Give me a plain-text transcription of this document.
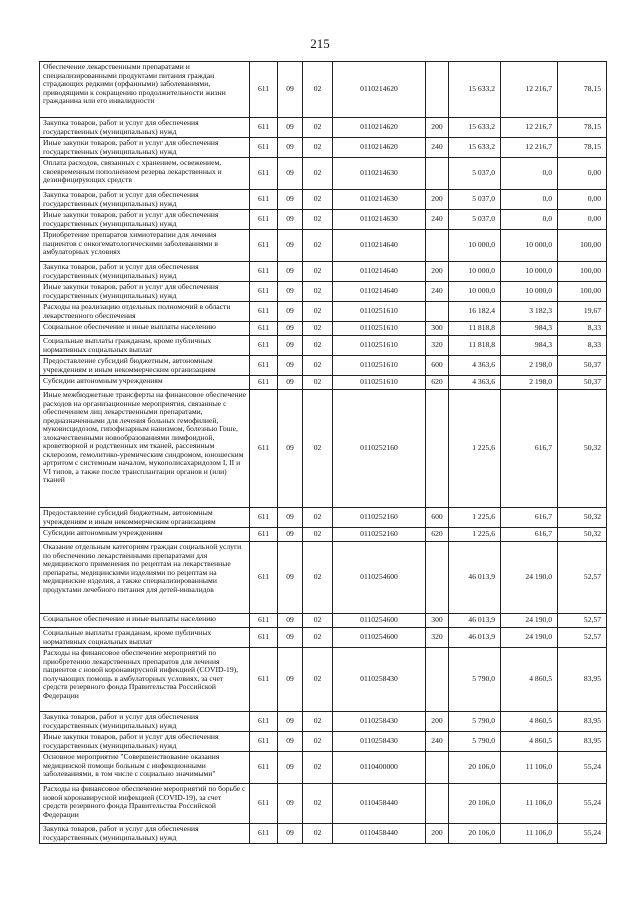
215
Обеспечение лекарственными препаратами и специализированными продуктами питания граждан страдающих редкими (орфанными) заболеваниями, приводящими к сокращению продолжительности жизни гражданина или его инвалидности	611	09	02	0110214620		15 633,2	12 216,7	78,15
Закупка товаров, работ и услуг для обеспечения государственных (муниципальных) нужд	611	09	02	0110214620	200	15 633,2	12 216,7	78,15
Иные закупки товаров, работ и услуг для обеспечения государственных (муниципальных) нужд	611	09	02	0110214620	240	15 633,2	12 216,7	78,15
Оплата расходов, связанных с хранением, освежением, своевременным пополнением резерва лекарственных и дезинфицирующих средств	611	09	02	0110214630		5 037,0	0,0	0,00
Закупка товаров, работ и услуг для обеспечения государственных (муниципальных) нужд	611	09	02	0110214630	200	5 037,0	0,0	0,00
Иные закупки товаров, работ и услуг для обеспечения государственных (муниципальных) нужд	611	09	02	0110214630	240	5 037,0	0,0	0,00
Приобретение препаратов химиотерапии для лечения пациентов с онкогематологическими заболеваниями в амбулаторных условиях	611	09	02	0110214640		10 000,0	10 000,0	100,00
Закупка товаров, работ и услуг для обеспечения государственных (муниципальных) нужд	611	09	02	0110214640	200	10 000,0	10 000,0	100,00
Иные закупки товаров, работ и услуг для обеспечения государственных (муниципальных) нужд	611	09	02	0110214640	240	10 000,0	10 000,0	100,00
Расходы на реализацию отдельных полномочий в области лекарственного обеспечения	611	09	02	0110251610		16 182,4	3 182,3	19,67
Социальное обеспечение и иные выплаты населению	611	09	02	0110251610	300	11 818,8	984,3	8,33
Социальные выплаты гражданам, кроме публичных нормативных социальных выплат	611	09	02	0110251610	320	11 818,8	984,3	8,33
Предоставление субсидий бюджетным, автономным учреждениям и иным некоммерческим организациям	611	09	02	0110251610	600	4 363,6	2 198,0	50,37
Субсидии автономным учреждениям	611	09	02	0110251610	620	4 363,6	2 198,0	50,37
Иные межбюджетные трансферты на финансовое обеспечение расходов на организационные мероприятия, связанные с обеспечением лиц лекарственными препаратами, предназначенными для лечения больных гемофилией, муковисцидозом, гипофизарным нанизмом, болезнью Гоше, злокачественными новообразованиями лимфоидной, кроветворной и родственных им тканей, рассеянным склерозом, гемолитико-уремическим синдромом, юношеским артритом с системным началом, мукополисахаридозом I, II и VI типов, а также после трансплантации органов и (или) тканей	611	09	02	0110252160		1 225,6	616,7	50,32
Предоставление субсидий бюджетным, автономным учреждениям и иным некоммерческим организациям	611	09	02	0110252160	600	1 225,6	616,7	50,32
Субсидии автономным учреждениям	611	09	02	0110252160	620	1 225,6	616,7	50,32
Оказание отдельным категориям граждан социальной услуги по обеспечению лекарственными препаратами для медицинского применения по рецептам на лекарственные препараты, медицинскими изделиями по рецептам на медицинские изделия, а также специализированными продуктами лечебного питания для детей-инвалидов	611	09	02	0110254600		46 013,9	24 190,0	52,57
Социальное обеспечение и иные выплаты населению	611	09	02	0110254600	300	46 013,9	24 190,0	52,57
Социальные выплаты гражданам, кроме публичных нормативных социальных выплат	611	09	02	0110254600	320	46 013,9	24 190,0	52,57
Расходы на финансовое обеспечение мероприятий по приобретению лекарственных препаратов для лечения пациентов с новой коронавирусной инфекцией (COVID-19), получающих помощь в амбулаторных условиях, за счет средств резервного фонда Правительства Российской Федерации	611	09	02	0110258430		5 790,0	4 860,5	83,95
Закупка товаров, работ и услуг для обеспечения государственных (муниципальных) нужд	611	09	02	0110258430	200	5 790,0	4 860,5	83,95
Иные закупки товаров, работ и услуг для обеспечения государственных (муниципальных) нужд	611	09	02	0110258430	240	5 790,0	4 860,5	83,95
Основное мероприятие "Совершенствование оказания медицинской помощи больным с инфекционными заболеваниями, в том числе с социально значимыми"	611	09	02	0110400000		20 106,0	11 106,0	55,24
Расходы на финансовое обеспечение мероприятий по борьбе с новой коронавирусной инфекцией (COVID-19), за счет средств резервного фонда Правительства Российской Федерации	611	09	02	0110458440		20 106,0	11 106,0	55,24
Закупка товаров, работ и услуг для обеспечения государственных (муниципальных) нужд	611	09	02	0110458440	200	20 106,0	11 106,0	55,24
